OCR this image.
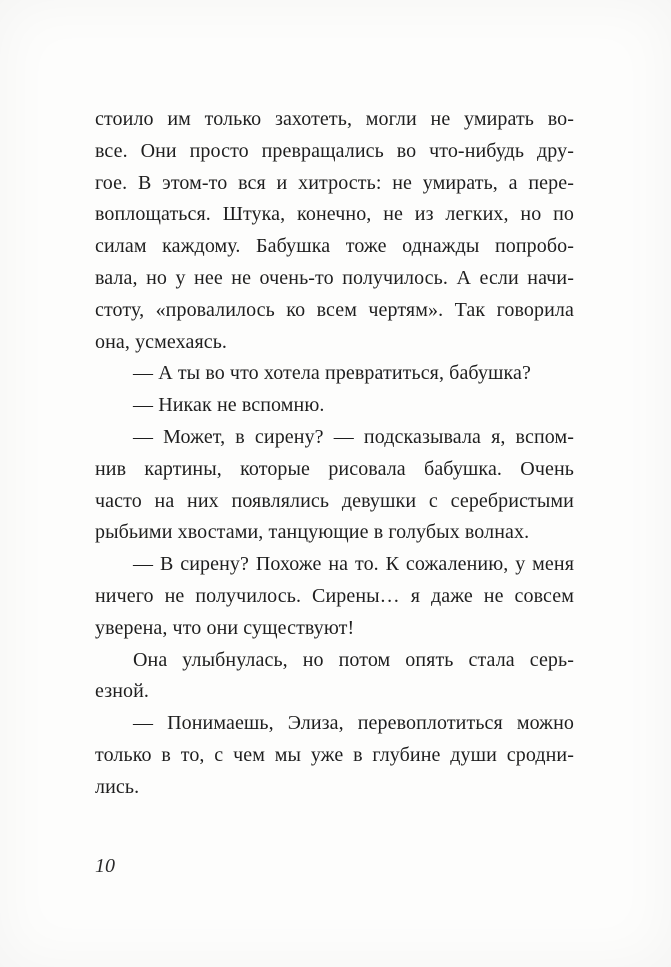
стоило им только захотеть, могли не умирать во-
все. Они просто превращались во что-нибудь дру-
гое. В этом-то вся и хитрость: не умирать, а пере-
воплощаться. Штука, конечно, не из легких, но по
силам каждому. Бабушка тоже однажды попробо-
вала, но у нее не очень-то получилось. А если начи-
стоту, «провалилось ко всем чертям». Так говорила
она, усмехаясь.
— А ты во что хотела превратиться, бабушка?
— Никак не вспомню.
— Может, в сирену? — подсказывала я, вспом-
нив картины, которые рисовала бабушка. Очень
часто на них появлялись девушки с серебристыми
рыбьими хвостами, танцующие в голубых волнах.
— В сирену? Похоже на то. К сожалению, у меня
ничего не получилось. Сирены… я даже не совсем
уверена, что они существуют!
Она улыбнулась, но потом опять стала серь-
езной.
— Понимаешь, Элиза, перевоплотиться можно
только в то, с чем мы уже в глубине души сродни-
лись.
10
